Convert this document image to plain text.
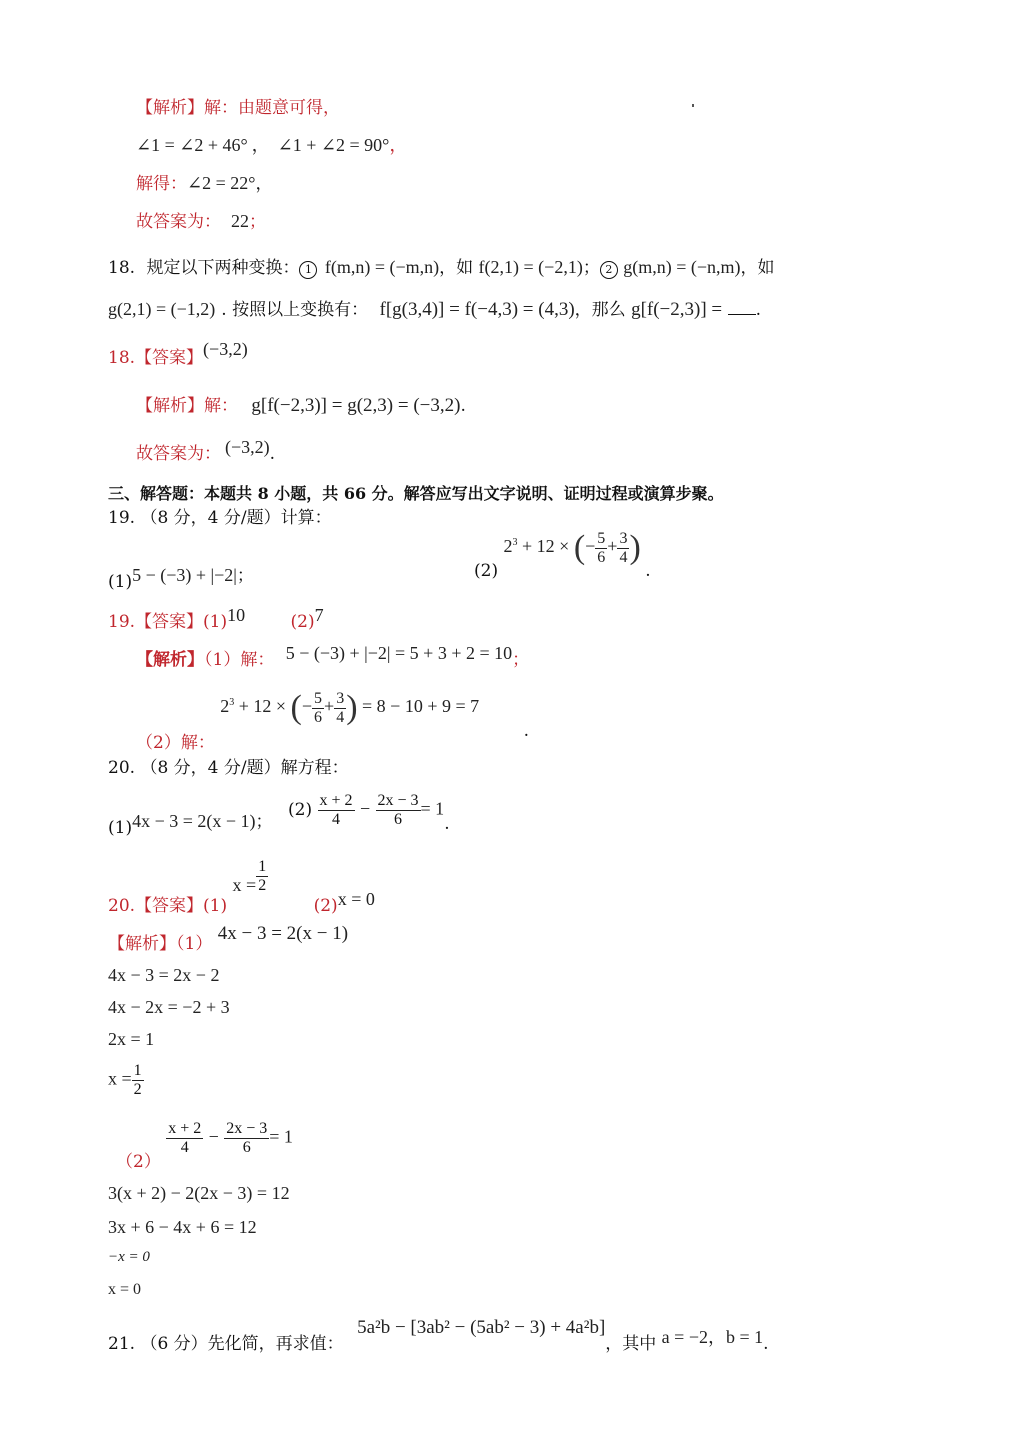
【解析】解：由题意可得，
∠1 = ∠2 + 46° ， ∠1 + ∠2 = 90°，
解得：∠2 = 22°，
故答案为： 22；
18. 规定以下两种变换： 1 f(m,n) = (−m,n)，如 f(2,1) = (−2,1)； 2 g(m,n) = (−n,m)，如
g(2,1) = (−1,2) . 按照以上变换有： f[g(3,4)] = f(−4,3) = (4,3)，那么 g[f(−2,3)] = .
18.【答案】(−3,2)
【解析】解： g[f(−2,3)] = g(2,3) = (−3,2).
故答案为： (−3,2).
三、解答题：本题共 8 小题，共 66 分。解答应写出文字说明、证明过程或演算步聚。
19. （8 分，4 分/题）计算：
(1)5 − (−3) + |−2|；	(2) $2^3 + 12$ × (− $\frac{5}{6} + \frac{3}{4}$ ) .
19.【答案】(1)10	(2)7
【解析】（1）解： 5 − (−3) + |−2| = 5 + 3 + 2 = 10；
（2）解： $2^3 + 12$ × (− $\frac{5}{6} + \frac{3}{4}$ ) = 8 − 10 + 9 = 7 .
20. （8 分，4 分/题）解方程：
(1)4x − 3 = 2(x − 1)；
$(2) \frac{x + 2}{4} - \frac{2x - 3}{6} = 1$.
20.【答案】(1) $x = \frac{1}{2}$
(2)x = 0
【解析】（1） 4x − 3 = 2(x − 1)
4x − 3 = 2x − 2
4x − 2x = −2 + 3
2x = 1
$x = \frac{1}{2}$
（2）
$\frac{x + 2}{4} - \frac{2x - 3}{6} = 1$
3(x + 2) − 2(2x − 3) = 12
3x + 6 − 4x + 6 = 12
−x = 0
x = 0
21. （6 分）先化简，再求值： 5a²b − [3ab² − (5ab² − 3) + 4a²b]，其中 a = −2，b = 1.
